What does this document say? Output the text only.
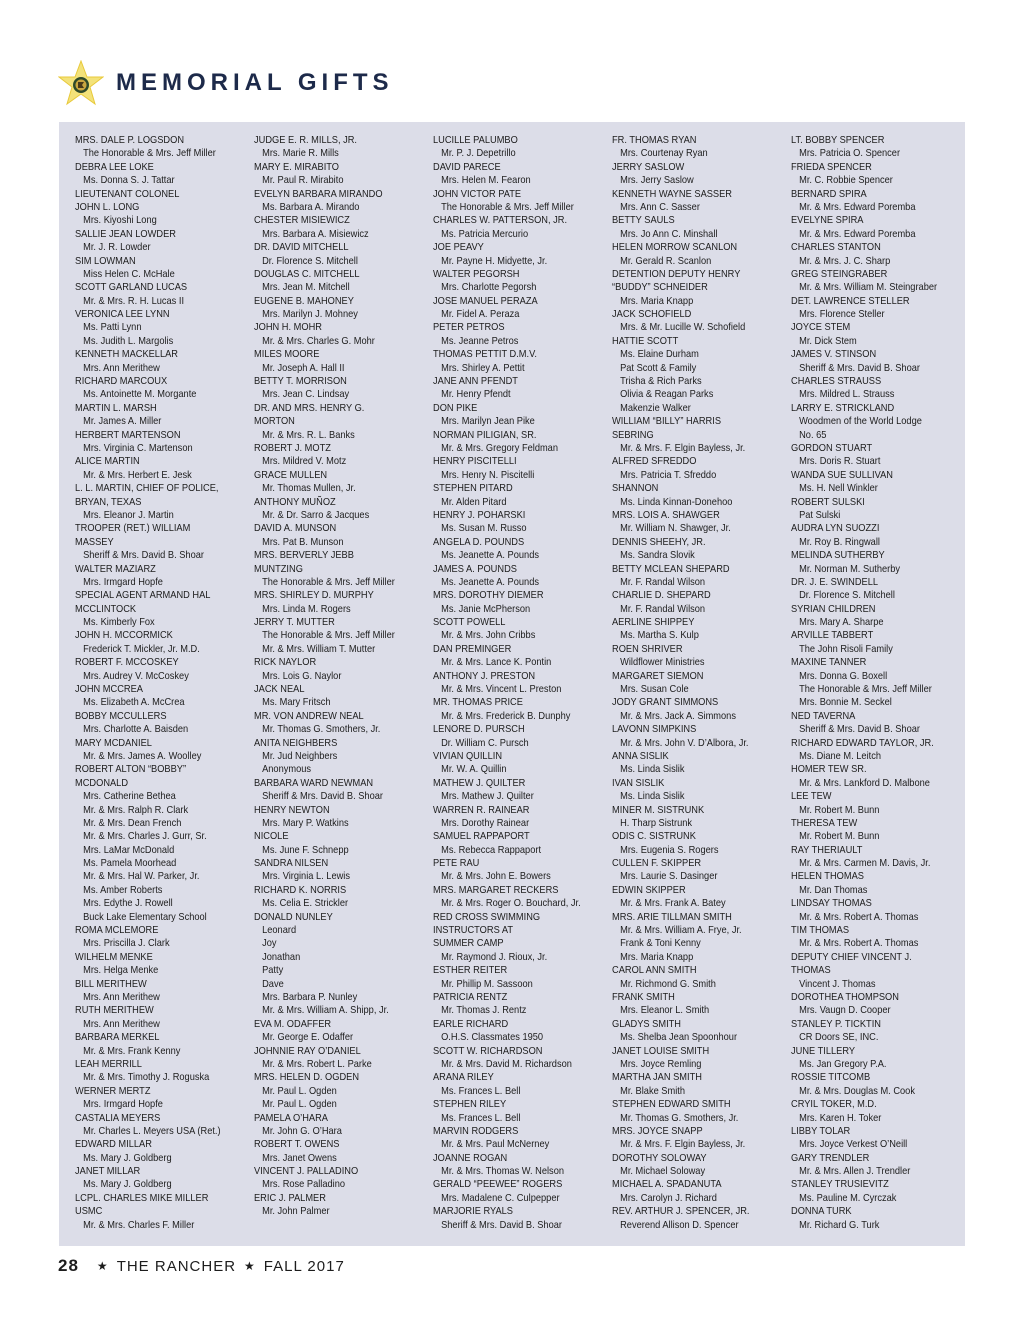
MEMORIAL GIFTS
MRS. DALE P. LOGSDON
The Honorable & Mrs. Jeff Miller
DEBRA LEE LOKE
Ms. Donna S. J. Tattar
LIEUTENANT COLONEL
JOHN L. LONG
Mrs. Kiyoshi Long
SALLIE JEAN LOWDER
Mr. J. R. Lowder
SIM LOWMAN
Miss Helen C. McHale
SCOTT GARLAND LUCAS
Mr. & Mrs. R. H. Lucas II
VERONICA LEE LYNN
Ms. Patti Lynn
Ms. Judith L. Margolis
KENNETH MACKELLAR
Mrs. Ann Merithew
RICHARD MARCOUX
Ms. Antoinette M. Morgante
MARTIN L. MARSH
Mr. James A. Miller
HERBERT MARTENSON
Mrs. Virginia C. Martenson
ALICE MARTIN
Mr. & Mrs. Herbert E. Jesk
L. L. MARTIN, CHIEF OF POLICE,
BRYAN, TEXAS
Mrs. Eleanor J. Martin
TROOPER (RET.) WILLIAM
MASSEY
Sheriff & Mrs. David B. Shoar
WALTER MAZIARZ
Mrs. Irmgard Hopfe
SPECIAL AGENT ARMAND HAL
MCCLINTOCK
Ms. Kimberly Fox
JOHN H. MCCORMICK
Frederick T. Mickler, Jr. M.D.
ROBERT F. MCCOSKEY
Mrs. Audrey V. McCoskey
JOHN MCCREA
Ms. Elizabeth A. McCrea
BOBBY MCCULLERS
Mrs. Charlotte A. Baisden
MARY MCDANIEL
Mr. & Mrs. James A. Woolley
ROBERT ALTON “BOBBY”
MCDONALD
Mrs. Catherine Bethea
Mr. & Mrs. Ralph R. Clark
Mr. & Mrs. Dean French
Mr. & Mrs. Charles J. Gurr, Sr.
Mrs. LaMar McDonald
Ms. Pamela Moorhead
Mr. & Mrs. Hal W. Parker, Jr.
Ms. Amber Roberts
Mrs. Edythe J. Rowell
Buck Lake Elementary School
ROMA MCLEMORE
Mrs. Priscilla J. Clark
WILHELM MENKE
Mrs. Helga Menke
BILL MERITHEW
Mrs. Ann Merithew
RUTH MERITHEW
Mrs. Ann Merithew
BARBARA MERKEL
Mr. & Mrs. Frank Kenny
LEAH MERRILL
Mr. & Mrs. Timothy J. Roguska
WERNER MERTZ
Mrs. Irmgard Hopfe
CASTALIA MEYERS
Mr. Charles L. Meyers USA (Ret.)
EDWARD MILLAR
Ms. Mary J. Goldberg
JANET MILLAR
Ms. Mary J. Goldberg
LCPL. CHARLES MIKE MILLER
USMC
Mr. & Mrs. Charles F. Miller
JUDGE E. R. MILLS, JR.
Mrs. Marie R. Mills
MARY E. MIRABITO
Mr. Paul R. Mirabito
EVELYN BARBARA MIRANDO
Ms. Barbara A. Mirando
CHESTER MISIEWICZ
Mrs. Barbara A. Misiewicz
DR. DAVID MITCHELL
Dr. Florence S. Mitchell
DOUGLAS C. MITCHELL
Mrs. Jean M. Mitchell
EUGENE B. MAHONEY
Mrs. Marilyn J. Mohney
JOHN H. MOHR
Mr. & Mrs. Charles G. Mohr
MILES MOORE
Mr. Joseph A. Hall II
BETTY T. MORRISON
Mrs. Jean C. Lindsay
DR. AND MRS. HENRY G.
MORTON
Mr. & Mrs. R. L. Banks
ROBERT J. MOTZ
Mrs. Mildred V. Motz
GRACE MULLEN
Mr. Thomas Mullen, Jr.
ANTHONY MUÑOZ
Mr. & Dr. Sarro & Jacques
DAVID A. MUNSON
Mrs. Pat B. Munson
MRS. BERVERLY JEBB
MUNTZING
The Honorable & Mrs. Jeff Miller
MRS. SHIRLEY D. MURPHY
Mrs. Linda M. Rogers
JERRY T. MUTTER
The Honorable & Mrs. Jeff Miller
Mr. & Mrs. William T. Mutter
RICK NAYLOR
Mrs. Lois G. Naylor
JACK NEAL
Ms. Mary Fritsch
MR. VON ANDREW NEAL
Mr. Thomas G. Smothers, Jr.
ANITA NEIGHBERS
Mr. Jud Neighbers
Anonymous
BARBARA WARD NEWMAN
Sheriff & Mrs. David B. Shoar
HENRY NEWTON
Mrs. Mary P. Watkins
NICOLE
Ms. June F. Schnepp
SANDRA NILSEN
Mrs. Virginia L. Lewis
RICHARD K. NORRIS
Ms. Celia E. Strickler
DONALD NUNLEY
Leonard
Joy
Jonathan
Patty
Dave
Mrs. Barbara P. Nunley
Mr. & Mrs. William A. Shipp, Jr.
EVA M. ODAFFER
Mr. George E. Odaffer
JOHNNIE RAY O’DANIEL
Mr. & Mrs. Robert L. Parke
MRS. HELEN D. OGDEN
Mr. Paul L. Ogden
Mr. Paul L. Ogden
PAMELA O’HARA
Mr. John G. O’Hara
ROBERT T. OWENS
Mrs. Janet Owens
VINCENT J. PALLADINO
Mrs. Rose Palladino
ERIC J. PALMER
Mr. John Palmer
LUCILLE PALUMBO
Mr. P. J. Depetrillo
DAVID PARECE
Mrs. Helen M. Fearon
JOHN VICTOR PATE
The Honorable & Mrs. Jeff Miller
CHARLES W. PATTERSON, JR.
Ms. Patricia Mercurio
JOE PEAVY
Mr. Payne H. Midyette, Jr.
WALTER PEGORSH
Mrs. Charlotte Pegorsh
JOSE MANUEL PERAZA
Mr. Fidel A. Peraza
PETER PETROS
Ms. Jeanne Petros
THOMAS PETTIT D.M.V.
Mrs. Shirley A. Pettit
JANE ANN PFENDT
Mr. Henry Pfendt
DON PIKE
Mrs. Marilyn Jean Pike
NORMAN PILIGIAN, SR.
Mr. & Mrs. Gregory Feldman
HENRY PISCITELLI
Mrs. Henry N. Piscitelli
STEPHEN PITARD
Mr. Alden Pitard
HENRY J. POHARSKI
Ms. Susan M. Russo
ANGELA D. POUNDS
Ms. Jeanette A. Pounds
JAMES A. POUNDS
Ms. Jeanette A. Pounds
MRS. DOROTHY DIEMER
Ms. Janie McPherson
SCOTT POWELL
Mr. & Mrs. John Cribbs
DAN PREMINGER
Mr. & Mrs. Lance K. Pontin
ANTHONY J. PRESTON
Mr. & Mrs. Vincent L. Preston
MR. THOMAS PRICE
Mr. & Mrs. Frederick B. Dunphy
LENORE D. PURSCH
Dr. William C. Pursch
VIVIAN QUILLIN
Mr. W. A. Quillin
MATHEW J. QUILTER
Mrs. Mathew J. Quilter
WARREN R. RAINEAR
Mrs. Dorothy Rainear
SAMUEL RAPPAPORT
Ms. Rebecca Rappaport
PETE RAU
Mr. & Mrs. John E. Bowers
MRS. MARGARET RECKERS
Mr. & Mrs. Roger O. Bouchard, Jr.
RED CROSS SWIMMING
INSTRUCTORS AT
SUMMER CAMP
Mr. Raymond J. Rioux, Jr.
ESTHER REITER
Mr. Phillip M. Sassoon
PATRICIA RENTZ
Mr. Thomas J. Rentz
EARLE RICHARD
O.H.S. Classmates 1950
SCOTT W. RICHARDSON
Mr. & Mrs. David M. Richardson
ARANA RILEY
Ms. Frances L. Bell
STEPHEN RILEY
Ms. Frances L. Bell
MARVIN RODGERS
Mr. & Mrs. Paul McNerney
JOANNE ROGAN
Mr. & Mrs. Thomas W. Nelson
GERALD “PEEWEE” ROGERS
Mrs. Madalene C. Culpepper
MARJORIE RYALS
Sheriff & Mrs. David B. Shoar
FR. THOMAS RYAN
Mrs. Courtenay Ryan
JERRY SASLOW
Mrs. Jerry Saslow
KENNETH WAYNE SASSER
Mrs. Ann C. Sasser
BETTY SAULS
Mrs. Jo Ann C. Minshall
HELEN MORROW SCANLON
Mr. Gerald R. Scanlon
DETENTION DEPUTY HENRY
“BUDDY” SCHNEIDER
Mrs. Maria Knapp
JACK SCHOFIELD
Mrs. & Mr. Lucille W. Schofield
HATTIE SCOTT
Ms. Elaine Durham
Pat Scott & Family
Trisha & Rich Parks
Olivia & Reagan Parks
Makenzie Walker
WILLIAM “BILLY” HARRIS
SEBRING
Mr. & Mrs. F. Elgin Bayless, Jr.
ALFRED SFREDDO
Mrs. Patricia T. Sfreddo
SHANNON
Ms. Linda Kinnan-Donehoo
MRS. LOIS A. SHAWGER
Mr. William N. Shawger, Jr.
DENNIS SHEEHY, JR.
Ms. Sandra Slovik
BETTY MCLEAN SHEPARD
Mr. F. Randal Wilson
CHARLIE D. SHEPARD
Mr. F. Randal Wilson
AERLINE SHIPPEY
Ms. Martha S. Kulp
ROEN SHRIVER
Wildflower Ministries
MARGARET SIEMON
Mrs. Susan Cole
JODY GRANT SIMMONS
Mr. & Mrs. Jack A. Simmons
LAVONN SIMPKINS
Mr. & Mrs. John V. D’Albora, Jr.
ANNA SISLIK
Ms. Linda Sislik
IVAN SISLIK
Ms. Linda Sislik
MINER M. SISTRUNK
H. Tharp Sistrunk
ODIS C. SISTRUNK
Mrs. Eugenia S. Rogers
CULLEN F. SKIPPER
Mrs. Laurie S. Dasinger
EDWIN SKIPPER
Mr. & Mrs. Frank A. Batey
MRS. ARIE TILLMAN SMITH
Mr. & Mrs. William A. Frye, Jr.
Frank & Toni Kenny
Mrs. Maria Knapp
CAROL ANN SMITH
Mr. Richmond G. Smith
FRANK SMITH
Mrs. Eleanor L. Smith
GLADYS SMITH
Ms. Shelba Jean Spoonhour
JANET LOUISE SMITH
Mrs. Joyce Remling
MARTHA JAN SMITH
Mr. Blake Smith
STEPHEN EDWARD SMITH
Mr. Thomas G. Smothers, Jr.
MRS. JOYCE SNAPP
Mr. & Mrs. F. Elgin Bayless, Jr.
DOROTHY SOLOWAY
Mr. Michael Soloway
MICHAEL A. SPADANUTA
Mrs. Carolyn J. Richard
REV. ARTHUR J. SPENCER, JR.
Reverend Allison D. Spencer
LT. BOBBY SPENCER
Mrs. Patricia O. Spencer
FRIEDA SPENCER
Mr. C. Robbie Spencer
BERNARD SPIRA
Mr. & Mrs. Edward Poremba
EVELYNE SPIRA
Mr. & Mrs. Edward Poremba
CHARLES STANTON
Mr. & Mrs. J. C. Sharp
GREG STEINGRABER
Mr. & Mrs. William M. Steingraber
DET. LAWRENCE STELLER
Mrs. Florence Steller
JOYCE STEM
Mr. Dick Stem
JAMES V. STINSON
Sheriff & Mrs. David B. Shoar
CHARLES STRAUSS
Mrs. Mildred L. Strauss
LARRY E. STRICKLAND
Woodmen of the World Lodge
No. 65
GORDON STUART
Mrs. Doris R. Stuart
WANDA SUE SULLIVAN
Ms. H. Nell Winkler
ROBERT SULSKI
Pat Sulski
AUDRA LYN SUOZZI
Mr. Roy B. Ringwall
MELINDA SUTHERBY
Mr. Norman M. Sutherby
DR. J. E. SWINDELL
Dr. Florence S. Mitchell
SYRIAN CHILDREN
Mrs. Mary A. Sharpe
ARVILLE TABBERT
The John Risoli Family
MAXINE TANNER
Mrs. Donna G. Boxell
The Honorable & Mrs. Jeff Miller
Mrs. Bonnie M. Seckel
NED TAVERNA
Sheriff & Mrs. David B. Shoar
RICHARD EDWARD TAYLOR, JR.
Ms. Diane M. Leitch
HOMER TEW SR.
Mr. & Mrs. Lankford D. Malbone
LEE TEW
Mr. Robert M. Bunn
THERESA TEW
Mr. Robert M. Bunn
RAY THERIAULT
Mr. & Mrs. Carmen M. Davis, Jr.
HELEN THOMAS
Mr. Dan Thomas
LINDSAY THOMAS
Mr. & Mrs. Robert A. Thomas
TIM THOMAS
Mr. & Mrs. Robert A. Thomas
DEPUTY CHIEF VINCENT J.
THOMAS
Vincent J. Thomas
DOROTHEA THOMPSON
Mrs. Vaugn D. Cooper
STANLEY P. TICKTIN
CR Doors SE, INC.
JUNE TILLERY
Ms. Jan Gregory P.A.
ROSSIE TITCOMB
Mr. & Mrs. Douglas M. Cook
CRYIL TOKER, M.D.
Mrs. Karen H. Toker
LIBBY TOLAR
Mrs. Joyce Verkest O’Neill
GARY TRENDLER
Mr. & Mrs. Allen J. Trendler
STANLEY TRUSIEVITZ
Ms. Pauline M. Cyrczak
DONNA TURK
Mr. Richard G. Turk
28 ★ THE RANCHER ★ FALL 2017
